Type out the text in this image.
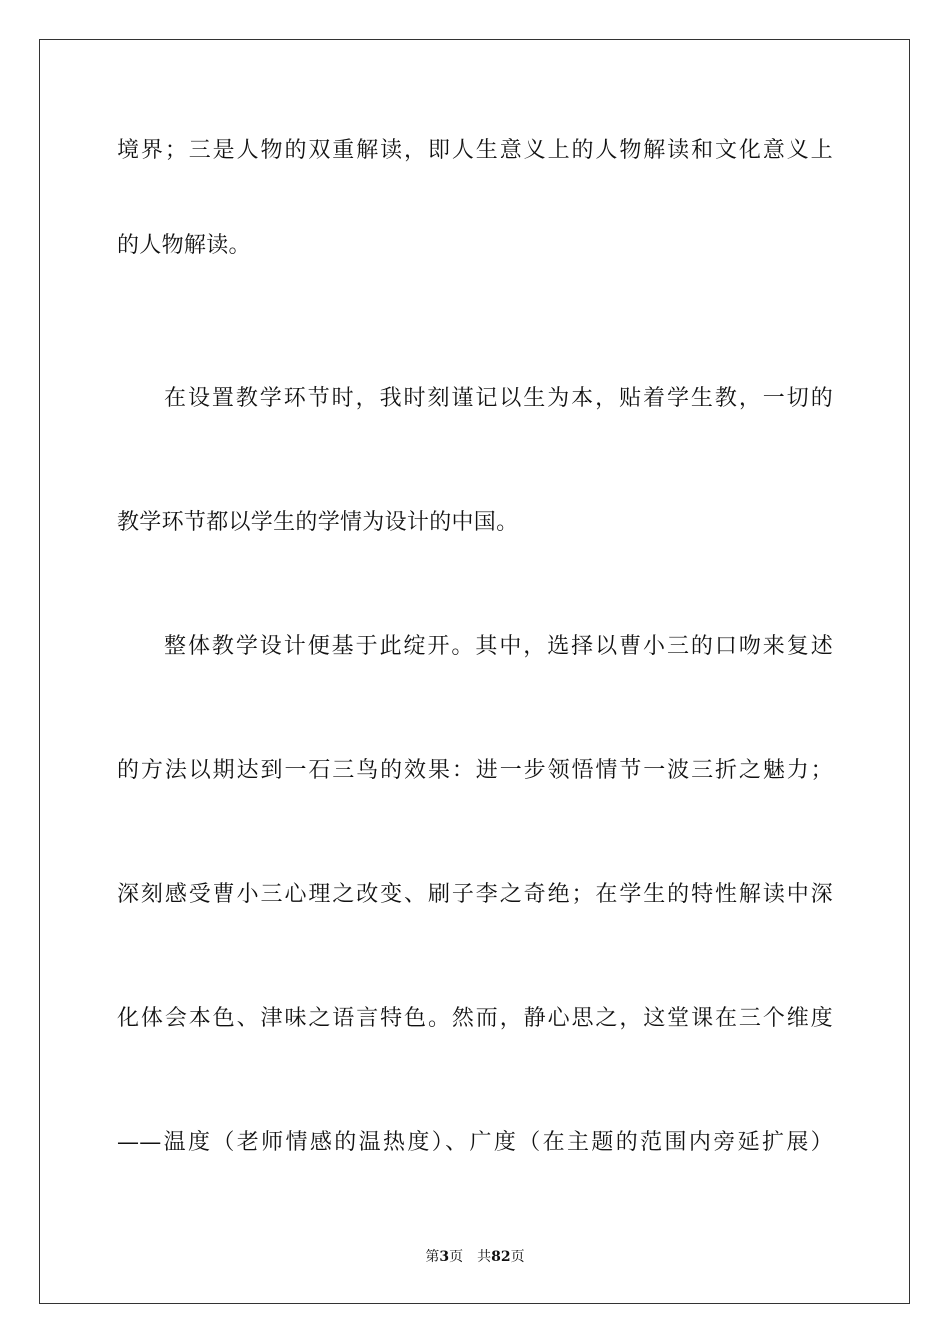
境界；三是人物的双重解读，即人生意义上的人物解读和文化意义上
的人物解读。
在设置教学环节时，我时刻谨记以生为本，贴着学生教，一切的
教学环节都以学生的学情为设计的中国。
整体教学设计便基于此绽开。其中，选择以曹小三的口吻来复述
的方法以期达到一石三鸟的效果：进一步领悟情节一波三折之魅力；
深刻感受曹小三心理之改变、刷子李之奇绝；在学生的特性解读中深
化体会本色、津味之语言特色。然而，静心思之，这堂课在三个维度
——温度（老师情感的温热度）、广度（在主题的范围内旁延扩展）
第3页 共82页
